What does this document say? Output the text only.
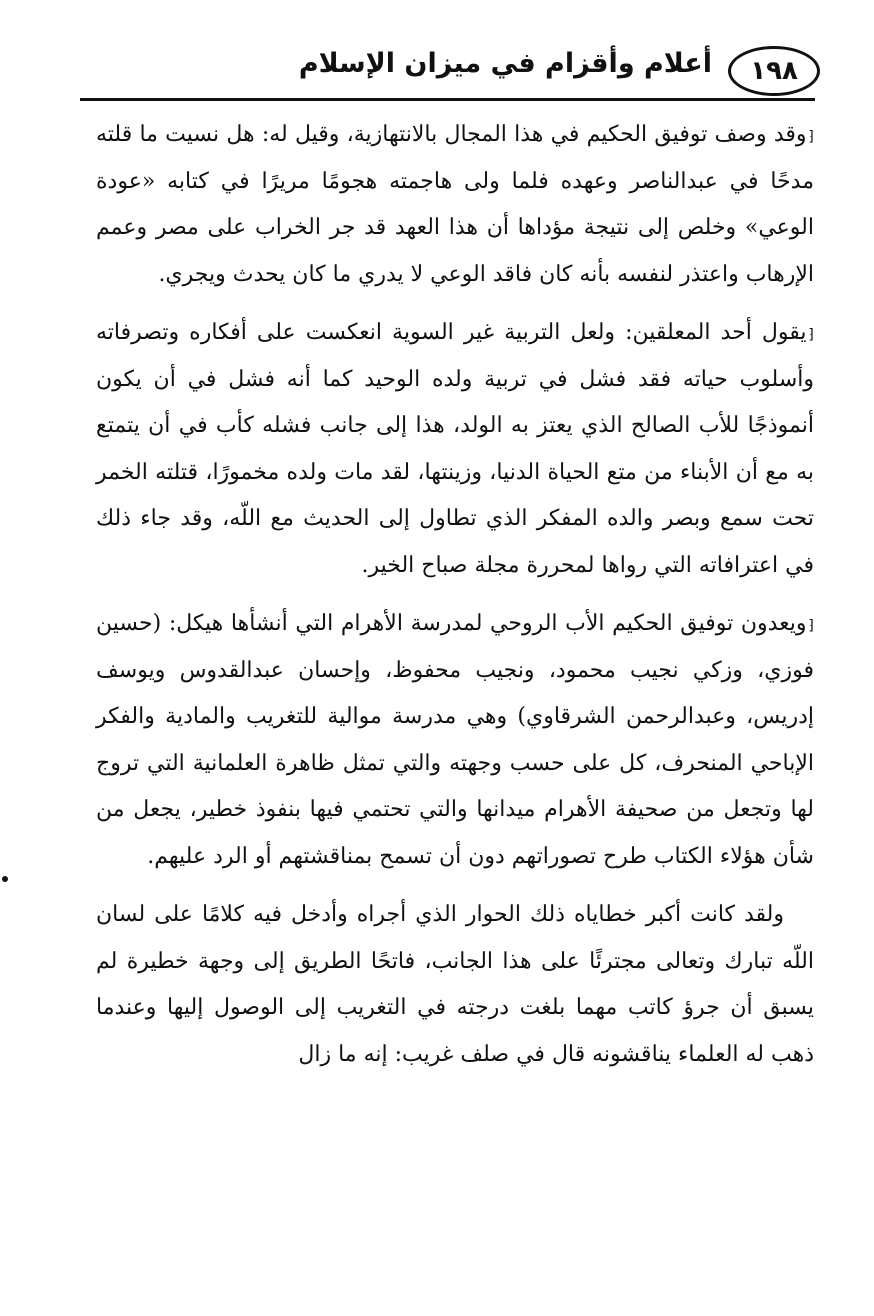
١٩٨
أعلام وأقزام في ميزان الإسلام

⁅وقد وصف توفيق الحكيم في هذا المجال بالانتهازية، وقيل له: هل نسيت ما قلته مدحًا في عبدالناصر وعهده فلما ولى هاجمته هجومًا مريرًا في كتابه «عودة الوعي» وخلص إلى نتيجة مؤداها أن هذا العهد قد جر الخراب على مصر وعمم الإرهاب واعتذر لنفسه بأنه كان فاقد الوعي لا يدري ما كان يحدث ويجري.

⁅يقول أحد المعلقين: ولعل التربية غير السوية انعكست على أفكاره وتصرفاته وأسلوب حياته فقد فشل في تربية ولده الوحيد كما أنه فشل في أن يكون أنموذجًا للأب الصالح الذي يعتز به الولد، هذا إلى جانب فشله كأب في أن يتمتع به مع أن الأبناء من متع الحياة الدنيا، وزينتها، لقد مات ولده مخمورًا، قتلته الخمر تحت سمع وبصر والده المفكر الذي تطاول إلى الحديث مع اللّه، وقد جاء ذلك في اعترافاته التي رواها لمحررة مجلة صباح الخير.

⁅ويعدون توفيق الحكيم الأب الروحي لمدرسة الأهرام التي أنشأها هيكل: (حسين فوزي، وزكي نجيب محمود، ونجيب محفوظ، وإحسان عبدالقدوس ويوسف إدريس، وعبدالرحمن الشرقاوي) وهي مدرسة موالية للتغريب والمادية والفكر الإباحي المنحرف، كل على حسب وجهته والتي تمثل ظاهرة العلمانية التي تروج لها وتجعل من صحيفة الأهرام ميدانها والتي تحتمي فيها بنفوذ خطير، يجعل من شأن هؤلاء الكتاب طرح تصوراتهم دون أن تسمح بمناقشتهم أو الرد عليهم.

ولقد كانت أكبر خطاياه ذلك الحوار الذي أجراه وأدخل فيه كلامًا على لسان اللّه تبارك وتعالى مجترئًا على هذا الجانب، فاتحًا الطريق إلى وجهة خطيرة لم يسبق أن جرؤ كاتب مهما بلغت درجته في التغريب إلى الوصول إليها وعندما ذهب له العلماء يناقشونه قال في صلف غريب: إنه ما زال
